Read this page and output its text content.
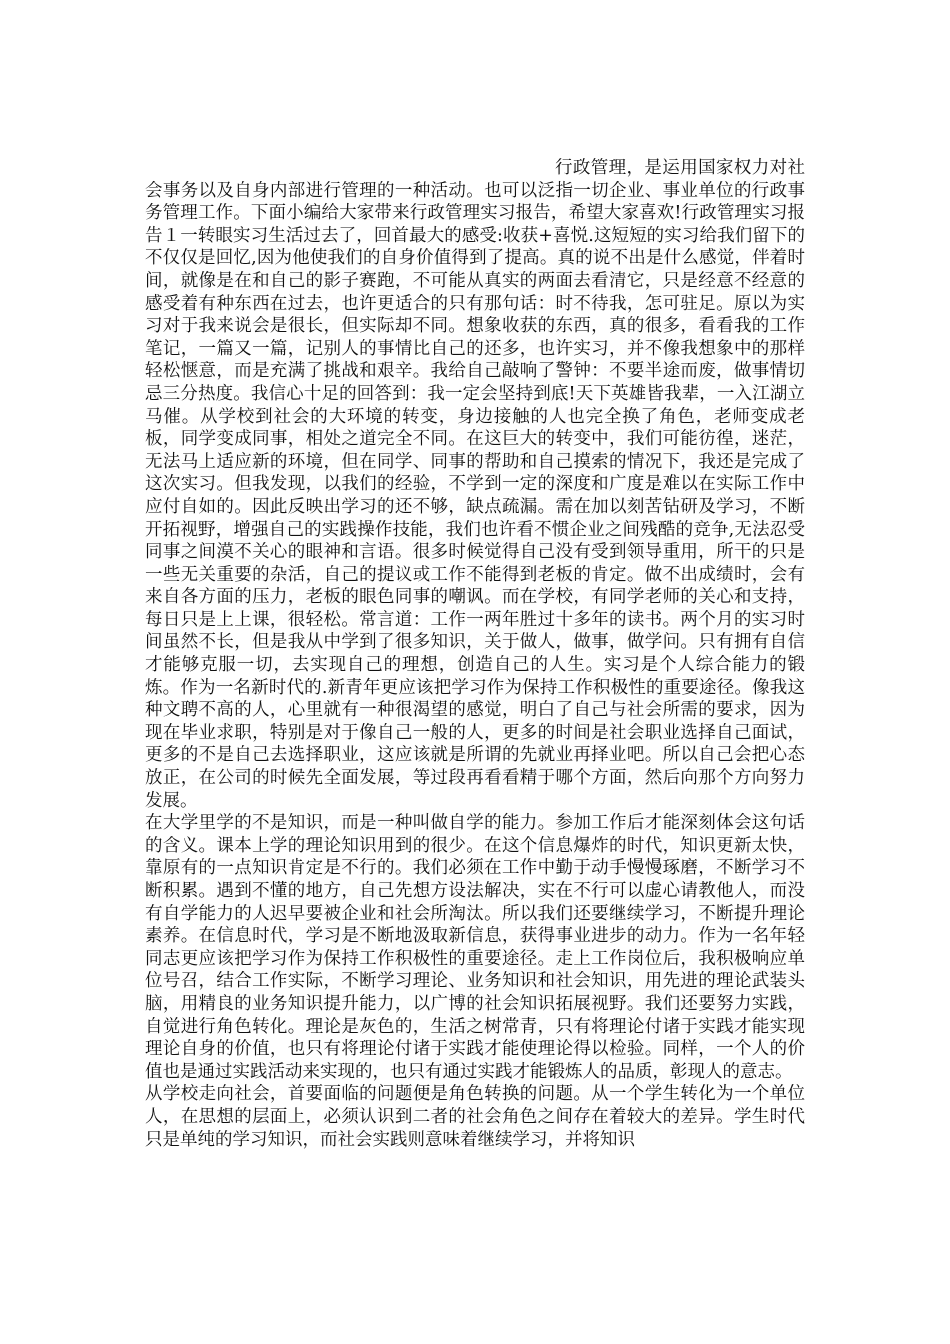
行政管理，是运用国家权力对社会事务以及自身内部进行管理的一种活动。也可以泛指一切企业、事业单位的行政事务管理工作。下面小编给大家带来行政管理实习报告，希望大家喜欢!行政管理实习报告１一转眼实习生活过去了，回首最大的感受:收获+喜悦.这短短的实习给我们留下的不仅仅是回忆,因为他使我们的自身价值得到了提高。真的说不出是什么感觉，伴着时间，就像是在和自己的影子赛跑，不可能从真实的两面去看清它，只是经意不经意的感受着有种东西在过去，也许更适合的只有那句话：时不待我，怎可驻足。原以为实习对于我来说会是很长，但实际却不同。想象收获的东西，真的很多，看看我的工作笔记，一篇又一篇，记别人的事情比自己的还多，也许实习，并不像我想象中的那样轻松惬意，而是充满了挑战和艰辛。我给自己敲响了警钟：不要半途而废，做事情切忌三分热度。我信心十足的回答到：我一定会坚持到底!天下英雄皆我辈，一入江湖立马催。从学校到社会的大环境的转变，身边接触的人也完全换了角色，老师变成老板，同学变成同事，相处之道完全不同。在这巨大的转变中，我们可能彷徨，迷茫，无法马上适应新的环境，但在同学、同事的帮助和自己摸索的情况下，我还是完成了这次实习。但我发现，以我们的经验，不学到一定的深度和广度是难以在实际工作中应付自如的。因此反映出学习的还不够，缺点疏漏。需在加以刻苦钻研及学习，不断开拓视野，增强自己的实践操作技能，我们也许看不惯企业之间残酷的竞争,无法忍受同事之间漠不关心的眼神和言语。很多时候觉得自己没有受到领导重用，所干的只是一些无关重要的杂活，自己的提议或工作不能得到老板的肯定。做不出成绩时，会有来自各方面的压力，老板的眼色同事的嘲讽。而在学校，有同学老师的关心和支持，每日只是上上课，很轻松。常言道：工作一两年胜过十多年的读书。两个月的实习时间虽然不长，但是我从中学到了很多知识，关于做人，做事，做学问。只有拥有自信才能够克服一切，去实现自己的理想，创造自己的人生。实习是个人综合能力的锻炼。作为一名新时代的.新青年更应该把学习作为保持工作积极性的重要途径。像我这种文聘不高的人，心里就有一种很渴望的感觉，明白了自己与社会所需的要求，因为现在毕业求职，特别是对于像自己一般的人，更多的时间是社会职业选择自己面试，更多的不是自己去选择职业，这应该就是所谓的先就业再择业吧。所以自己会把心态放正，在公司的时候先全面发展，等过段再看看精于哪个方面，然后向那个方向努力发展。

在大学里学的不是知识，而是一种叫做自学的能力。参加工作后才能深刻体会这句话的含义。课本上学的理论知识用到的很少。在这个信息爆炸的时代，知识更新太快，靠原有的一点知识肯定是不行的。我们必须在工作中勤于动手慢慢琢磨，不断学习不断积累。遇到不懂的地方，自己先想方设法解决，实在不行可以虚心请教他人，而没有自学能力的人迟早要被企业和社会所淘汰。所以我们还要继续学习，不断提升理论素养。在信息时代，学习是不断地汲取新信息，获得事业进步的动力。作为一名年轻同志更应该把学习作为保持工作积极性的重要途径。走上工作岗位后，我积极响应单位号召，结合工作实际，不断学习理论、业务知识和社会知识，用先进的理论武装头脑，用精良的业务知识提升能力，以广博的社会知识拓展视野。我们还要努力实践，自觉进行角色转化。理论是灰色的，生活之树常青，只有将理论付诸于实践才能实现理论自身的价值，也只有将理论付诸于实践才能使理论得以检验。同样，一个人的价值也是通过实践活动来实现的，也只有通过实践才能锻炼人的品质，彰现人的意志。

从学校走向社会，首要面临的问题便是角色转换的问题。从一个学生转化为一个单位人，在思想的层面上，必须认识到二者的社会角色之间存在着较大的差异。学生时代只是单纯的学习知识，而社会实践则意味着继续学习，并将知识
